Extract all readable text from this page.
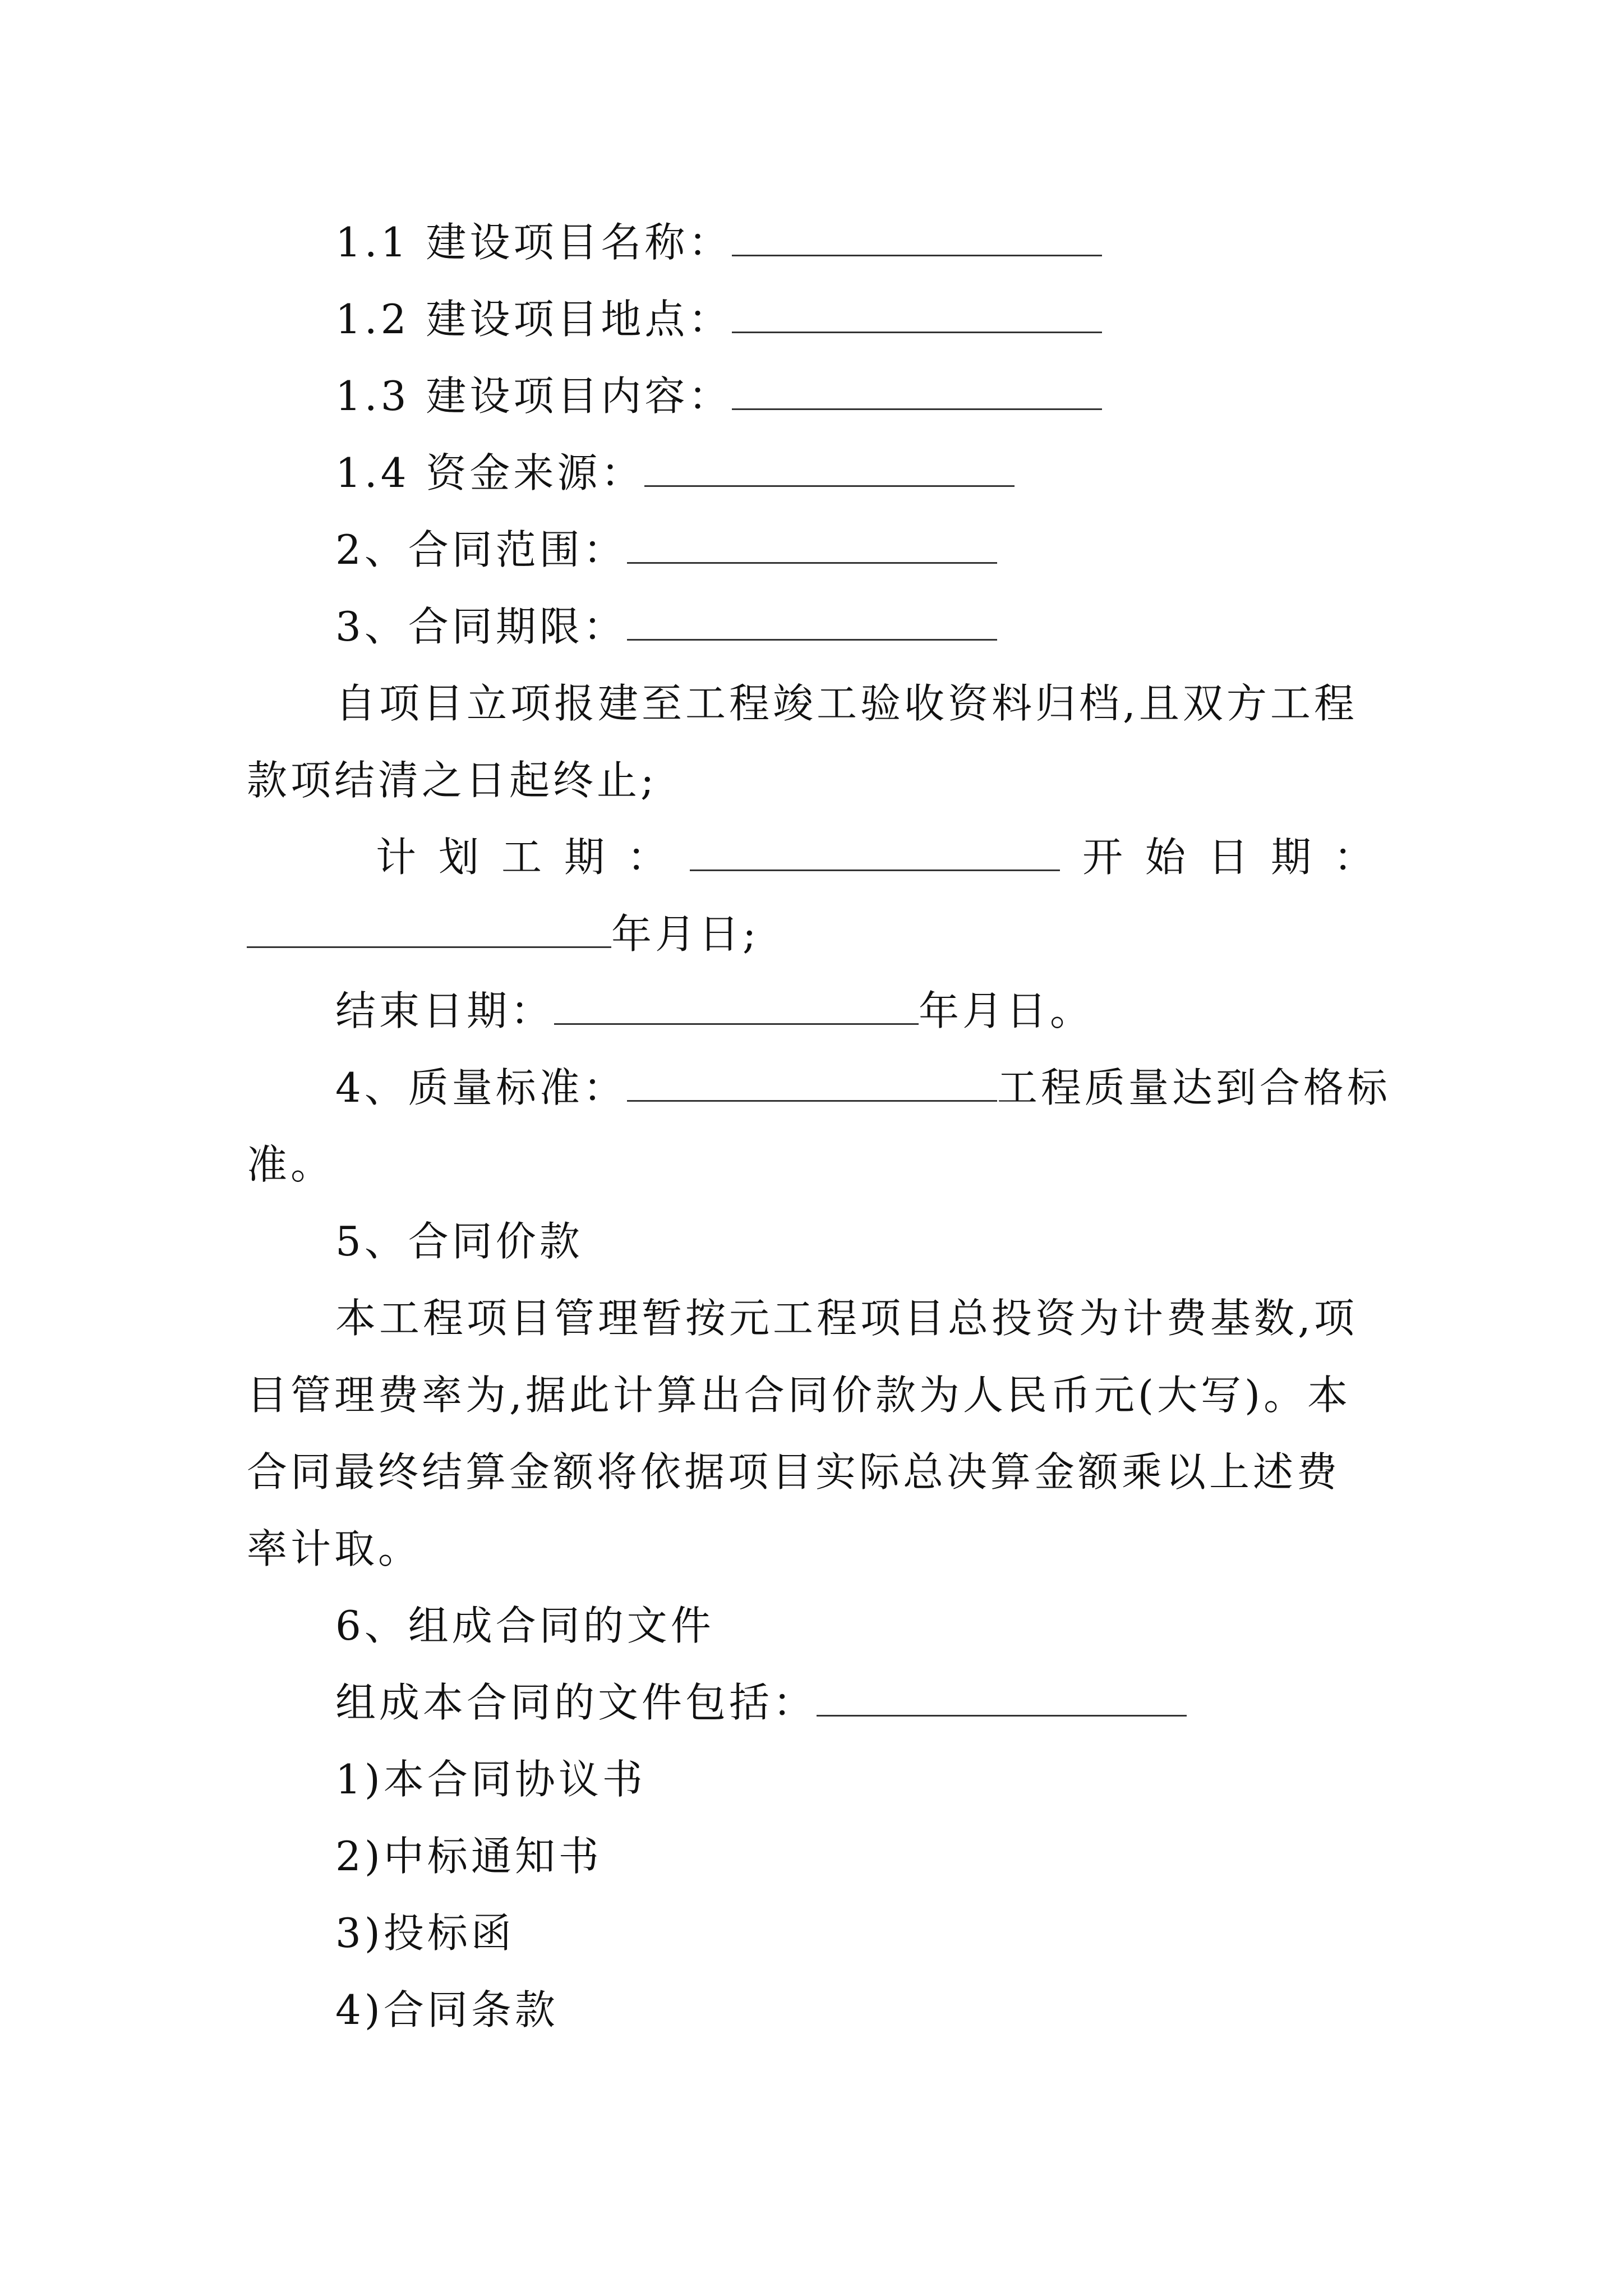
1.1 建设项目名称：
1.2 建设项目地点：
1.3 建设项目内容：
1.4 资金来源：
2、合同范围：
3、合同期限：
自项目立项报建至工程竣工验收资料归档,且双方工程
款项结清之日起终止;
计划工期：	开始日期：
年月日;
结束日期：	年月日。
4、质量标准：	工程质量达到合格标
准。
5、合同价款
本工程项目管理暂按元工程项目总投资为计费基数,项
目管理费率为,据此计算出合同价款为人民币元(大写)。本
合同最终结算金额将依据项目实际总决算金额乘以上述费
率计取。
6、组成合同的文件
组成本合同的文件包括：
1)本合同协议书
2)中标通知书
3)投标函
4)合同条款
